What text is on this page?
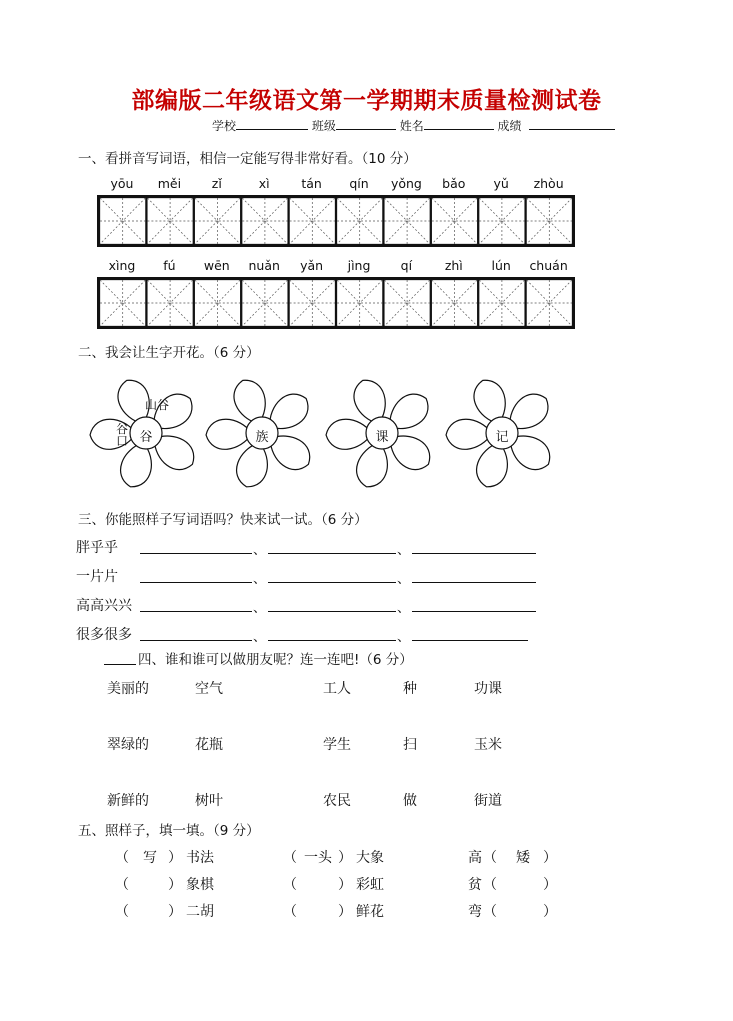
部编版二年级语文第一学期期末质量检测试卷
学校	班级	姓名	成绩
一、看拼音写词语，相信一定能写得非常好看。（10 分）
yōu	měi	zǐ	xì	tán	qín	yǒng	bǎo	yǔ	zhòu
xìng	fú	wēn	nuǎn	yǎn	jìng	qí	zhì	lún	chuán
二、我会让生字开花。（6 分）
山谷
谷口 谷	族	课	记
三、你能照样子写词语吗？快来试一试。（6 分）
胖乎乎	、	、
一片片	、	、
高高兴兴	、	、
很多很多	、	、
四、谁和谁可以做朋友呢？连一连吧!（6 分）
美丽的	空气	工人	种	功课
翠绿的	花瓶	学生	扫	玉米
新鲜的	树叶	农民	做	街道
五、照样子，填一填。（9 分）
（ 写 ） 书法	（ 一头 ） 大象	高 （	矮 ）
（	） 象棋	（	） 彩虹	贫 （	）
（	） 二胡	（	） 鲜花	弯 （	）
